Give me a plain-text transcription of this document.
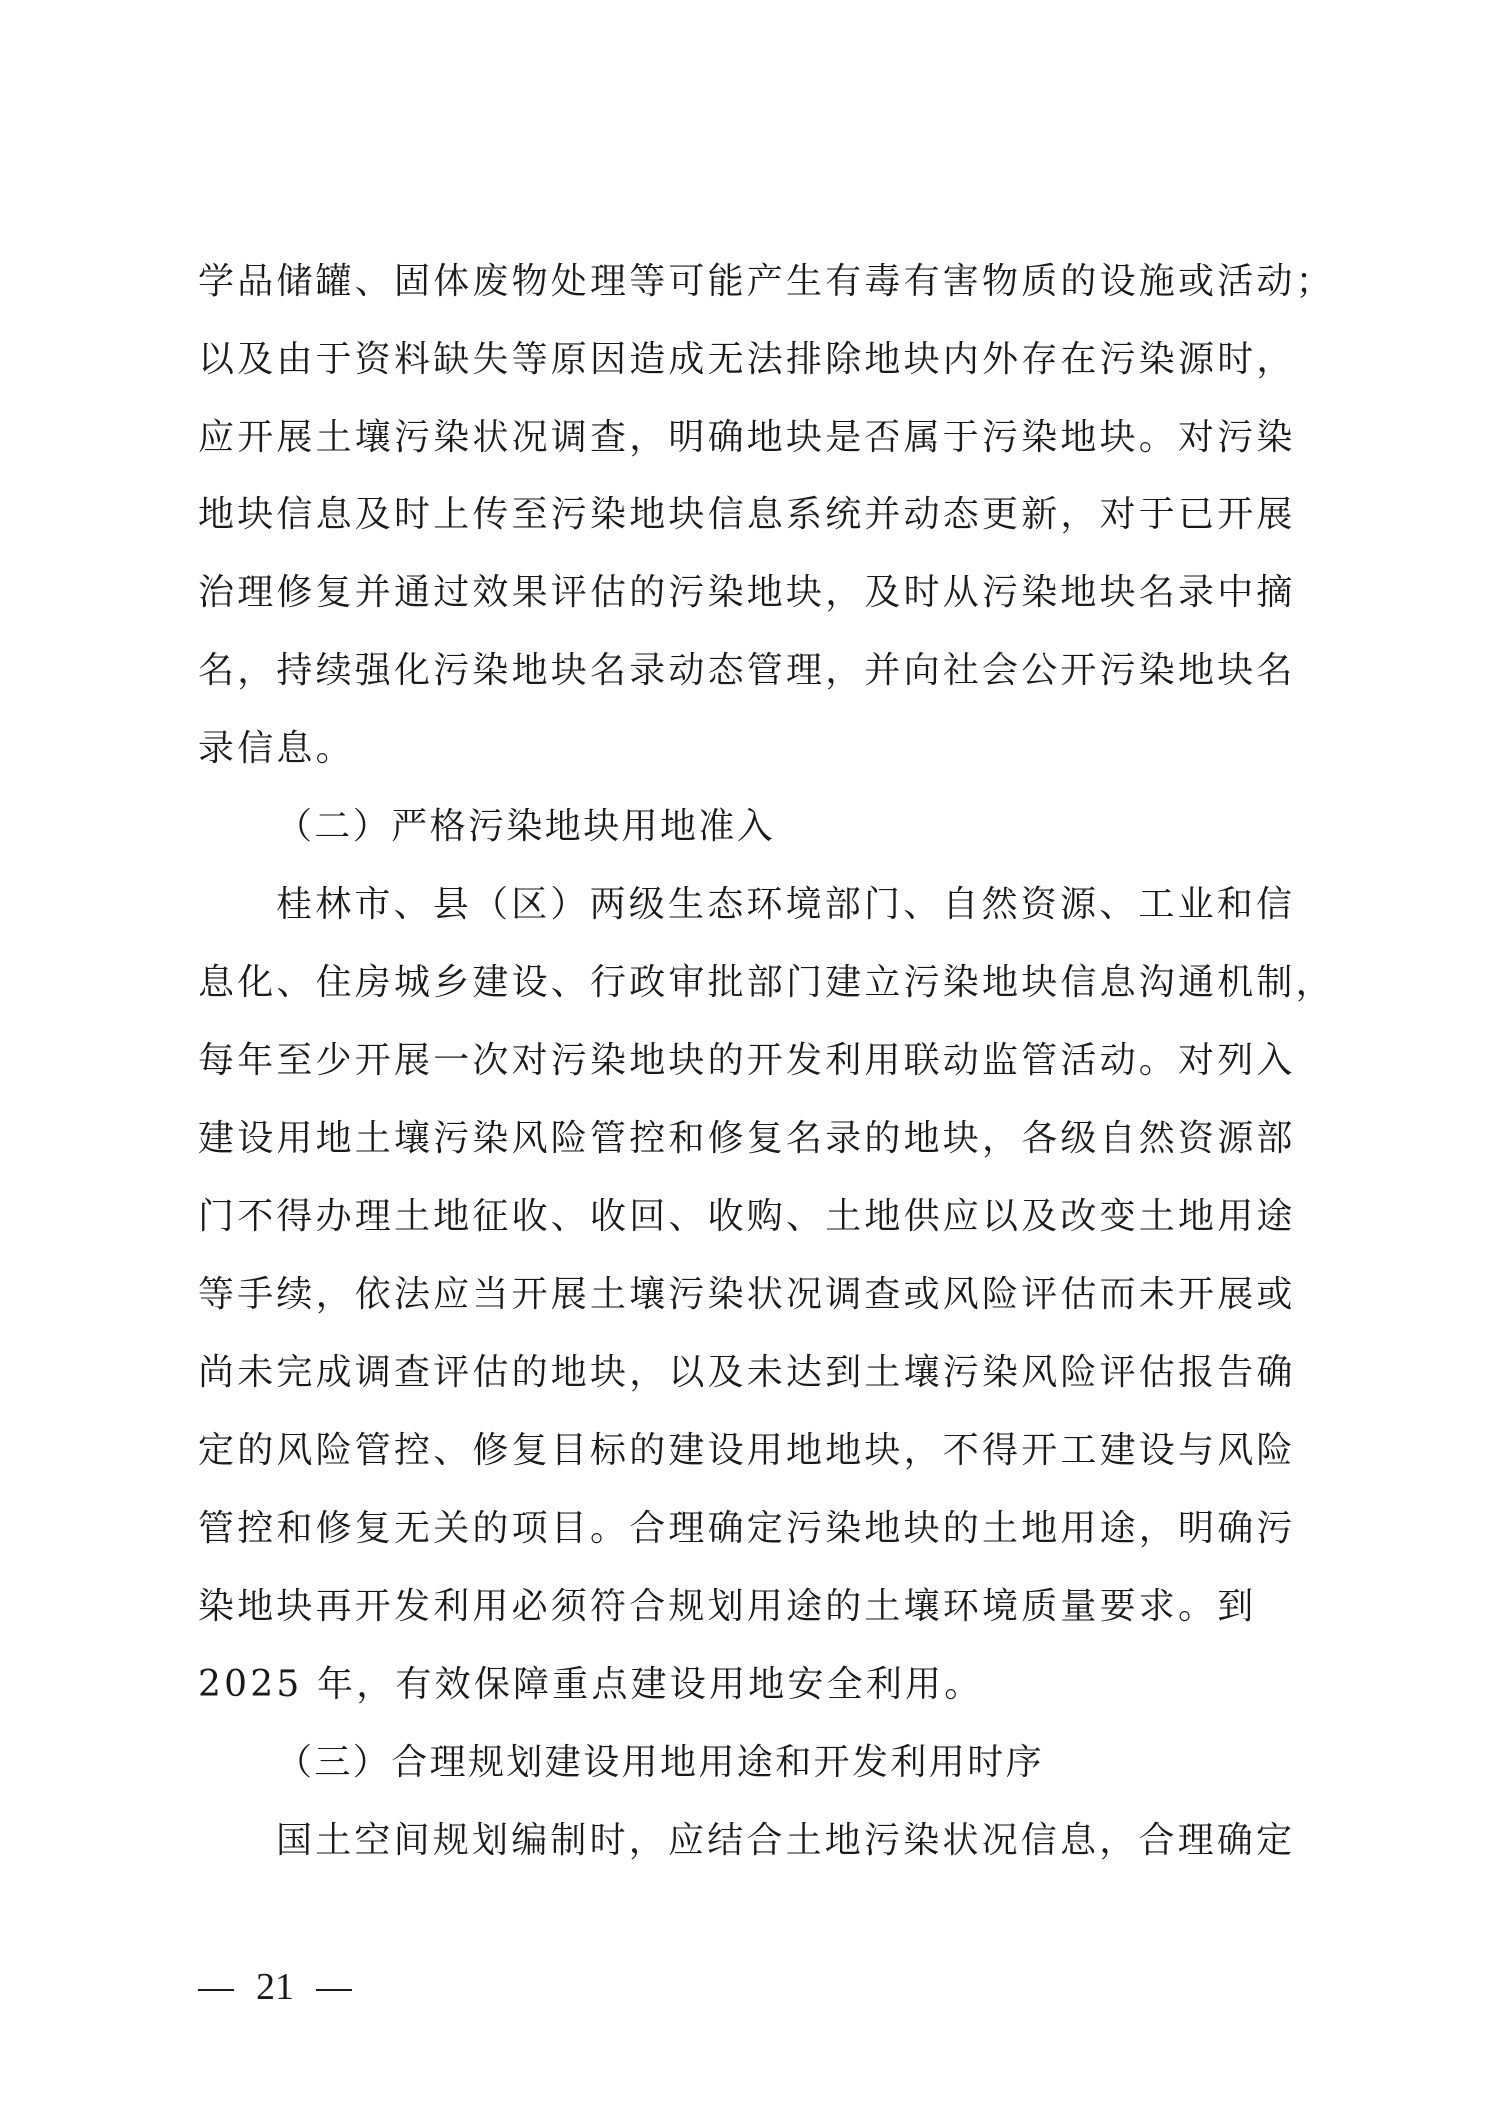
学品储罐、固体废物处理等可能产生有毒有害物质的设施或活动；
以及由于资料缺失等原因造成无法排除地块内外存在污染源时，
应开展土壤污染状况调查，明确地块是否属于污染地块。对污染
地块信息及时上传至污染地块信息系统并动态更新，对于已开展
治理修复并通过效果评估的污染地块，及时从污染地块名录中摘
名，持续强化污染地块名录动态管理，并向社会公开污染地块名
录信息。
（二）严格污染地块用地准入
桂林市、县（区）两级生态环境部门、自然资源、工业和信
息化、住房城乡建设、行政审批部门建立污染地块信息沟通机制，
每年至少开展一次对污染地块的开发利用联动监管活动。对列入
建设用地土壤污染风险管控和修复名录的地块，各级自然资源部
门不得办理土地征收、收回、收购、土地供应以及改变土地用途
等手续，依法应当开展土壤污染状况调查或风险评估而未开展或
尚未完成调查评估的地块，以及未达到土壤污染风险评估报告确
定的风险管控、修复目标的建设用地地块，不得开工建设与风险
管控和修复无关的项目。合理确定污染地块的土地用途，明确污
染地块再开发利用必须符合规划用途的土壤环境质量要求。到
2025 年，有效保障重点建设用地安全利用。
（三）合理规划建设用地用途和开发利用时序
国土空间规划编制时，应结合土地污染状况信息，合理确定
21
